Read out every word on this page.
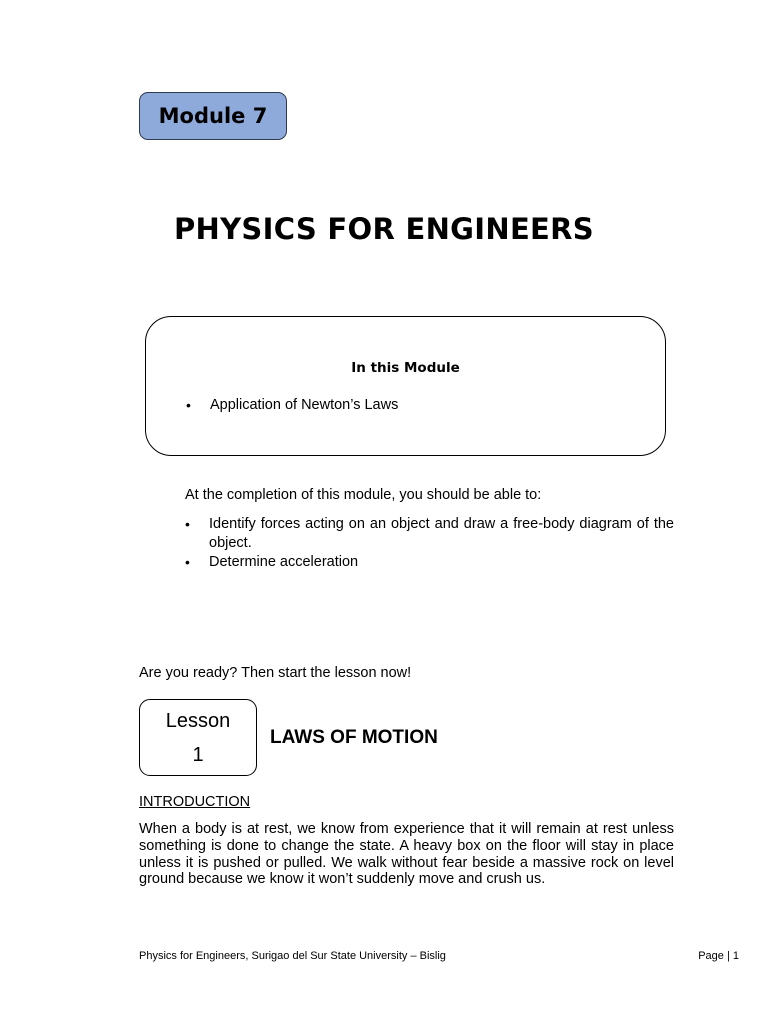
Module 7
PHYSICS FOR ENGINEERS
In this Module
• Application of Newton’s Laws
At the completion of this module, you should be able to:
• Identify forces acting on an object and draw a free-body diagram of the object.
• Determine acceleration
Are you ready? Then start the lesson now!
Lesson
1
LAWS OF MOTION
INTRODUCTION

When a body is at rest, we know from experience that it will remain at rest unless something is done to change the state. A heavy box on the floor will stay in place unless it is pushed or pulled. We walk without fear beside a massive rock on level ground because we know it won’t suddenly move and crush us.

Physics for Engineers, Surigao del Sur State University – Bislig	Page | 1
